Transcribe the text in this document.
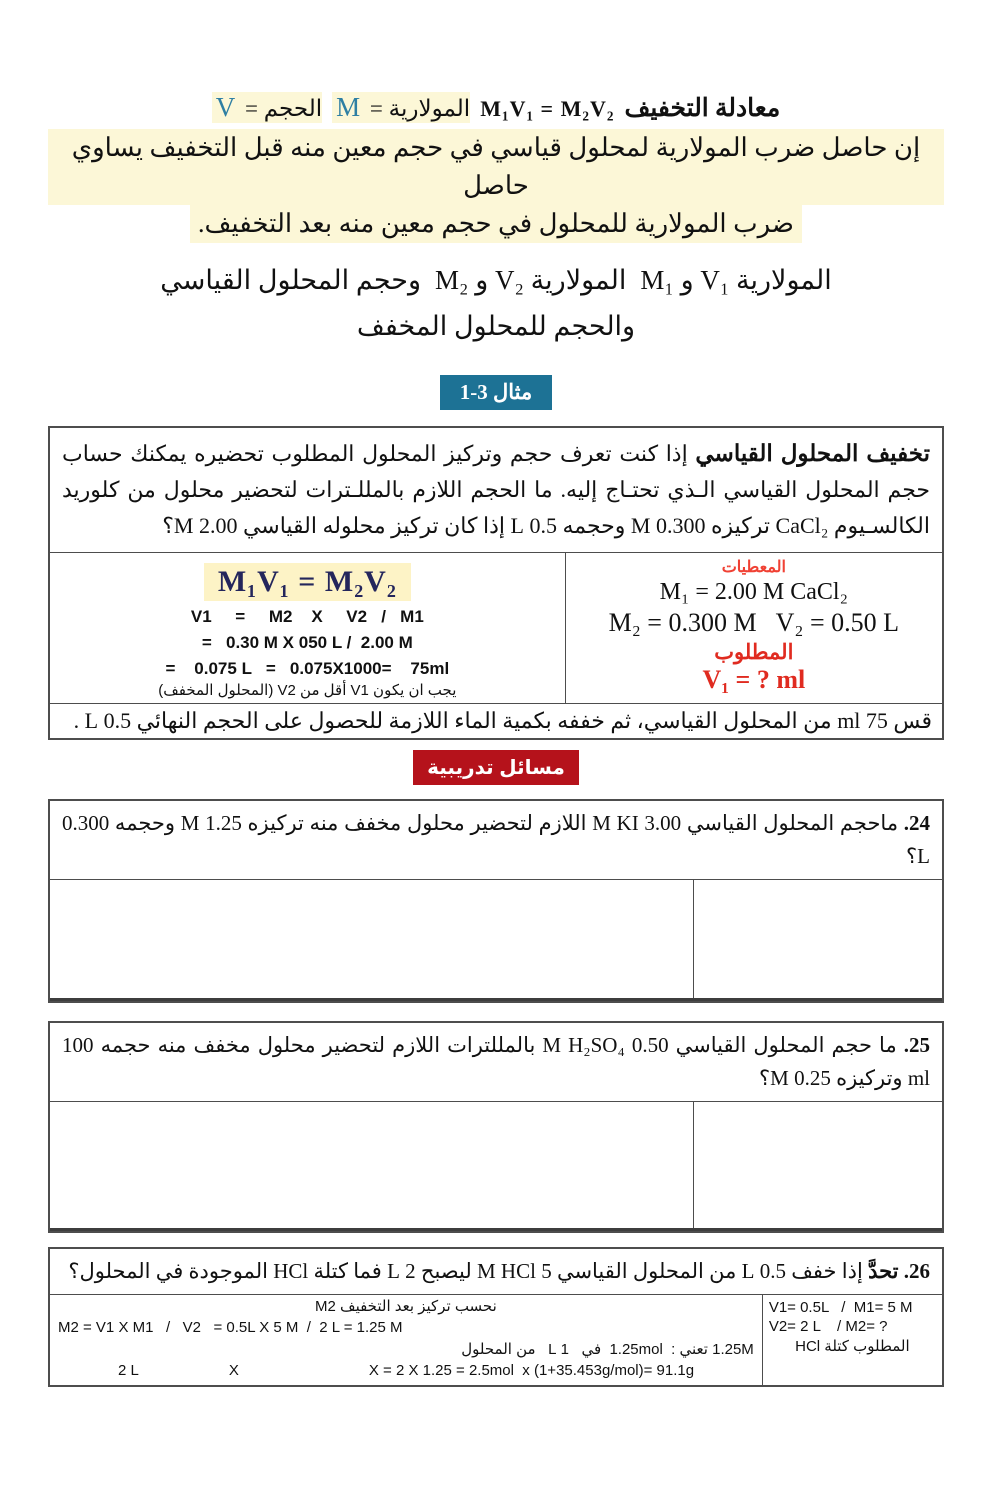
V = الحجم M = المولارية M₁V₁ = M₂V₂ معادلة التخفيف
إن حاصل ضرب المولارية لمحلول قياسي في حجم معين منه قبل التخفيف يساوي حاصل
ضرب المولارية للمحلول في حجم معين منه بعد التخفيف.
وحجم المحلول القياسي M₂ و V₂ المولارية M₁ و V₁ المولارية
والحجم للمحلول المخفف
مثال 3-1
تخفيف المحلول القياسي إذا كنت تعرف حجم وتركيز المحلول المطلوب تحضيره يمكنك حساب حجم المحلول القياسي الـذي تحتـاج إليه. ما الحجم اللازم بالمللـترات لتحضير محلول من كلوريد الكالسـيوم CaCl₂ تركيزه 0.300 M وحجمه 0.5 L إذا كان تركيز محلوله القياسي 2.00 M؟
M₁V₁ = M₂V₂
V1     =     M2    X     V2   /   M1
=   0.30 M X 050 L /  2.00 M
=    0.075 L   =   0.075X1000=    75ml
يجب ان يكون V1 أقل من V2 (المحلول المخفف)
المعطيات
M₁ = 2.00 M CaCl₂
M₂ = 0.300 M   V₂ = 0.50 L
المطلوب
V₁ = ? ml
قس 75 ml من المحلول القياسي، ثم خففه بكمية الماء اللازمة للحصول على الحجم النهائي 0.5 L .
مسائل تدريبية
24. ماحجم المحلول القياسي 3.00 M KI اللازم لتحضير محلول مخفف منه تركيزه 1.25 M وحجمه 0.300 L؟
25. ما حجم المحلول القياسي 0.50 M H₂SO₄ بالمللترات اللازم لتحضير محلول مخفف منه حجمه 100 ml وتركيزه 0.25 M؟
26. تحدَّ إذا خفف 0.5 L من المحلول القياسي 5 M HCl ليصبح 2 L فما كتلة HCl الموجودة في المحلول؟
نحسب تركيز بعد التخفيف M2
M2 = V1 X M1   /   V2   = 0.5L X 5 M  /  2 L = 1.25 M
1.25M تعني :  1.25mol  في   1 L   من المحلول
2 L	X	X = 2 X 1.25 = 2.5mol  x (1+35.453g/mol)= 91.1g
V1= 0.5L   /  M1= 5 M
V2= 2 L    / M2= ?
المطلوب كتلة HCl
